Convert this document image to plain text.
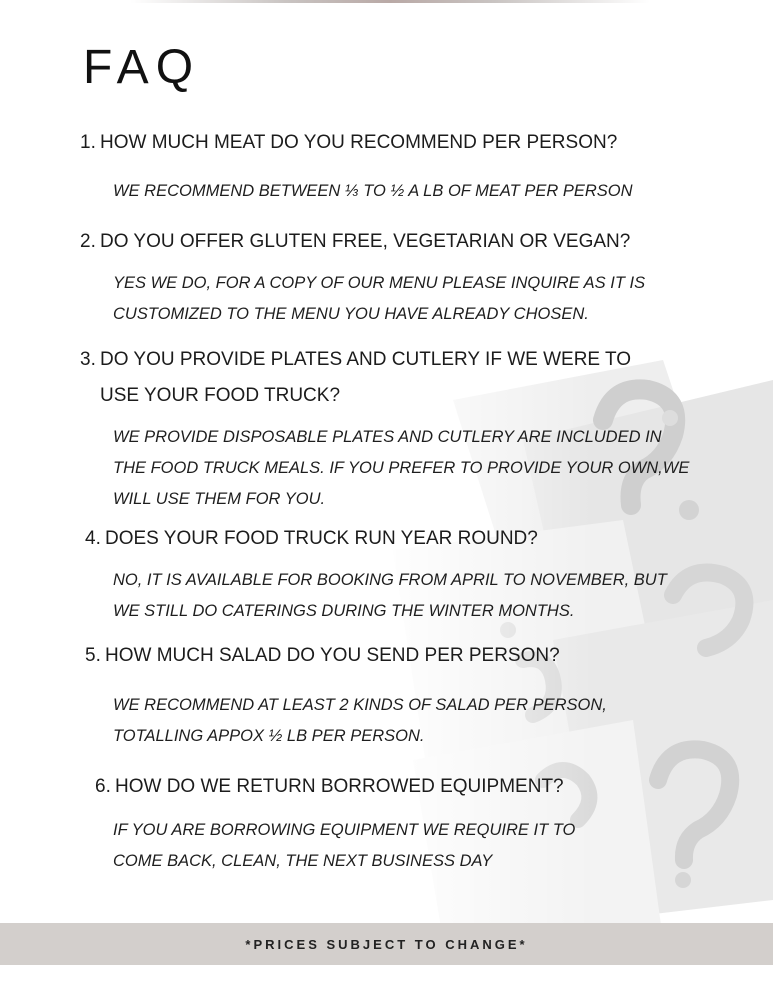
FAQ
1. HOW MUCH MEAT DO YOU RECOMMEND PER PERSON?
WE RECOMMEND BETWEEN ⅓ TO ½ A LB OF MEAT PER PERSON
2. DO YOU OFFER GLUTEN FREE, VEGETARIAN OR VEGAN?
YES WE DO, FOR A COPY OF OUR MENU PLEASE INQUIRE AS IT IS
CUSTOMIZED TO THE MENU YOU HAVE ALREADY CHOSEN.
3. DO YOU PROVIDE PLATES AND CUTLERY IF WE WERE TO
USE YOUR FOOD TRUCK?
WE PROVIDE DISPOSABLE PLATES AND CUTLERY ARE INCLUDED IN
THE FOOD TRUCK MEALS. IF YOU PREFER TO PROVIDE YOUR OWN,WE
WILL USE THEM FOR YOU.
4. DOES YOUR FOOD TRUCK RUN YEAR ROUND?
NO, IT IS AVAILABLE FOR BOOKING FROM APRIL TO NOVEMBER, BUT
WE STILL DO CATERINGS DURING THE WINTER MONTHS.
5. HOW MUCH SALAD DO YOU SEND PER PERSON?
WE RECOMMEND AT LEAST 2 KINDS OF SALAD PER PERSON,
TOTALLING APPOX ½ LB PER PERSON.
6. HOW DO WE RETURN BORROWED EQUIPMENT?
IF YOU ARE BORROWING EQUIPMENT WE REQUIRE IT TO
COME BACK, CLEAN, THE NEXT BUSINESS DAY
*PRICES SUBJECT TO CHANGE*
